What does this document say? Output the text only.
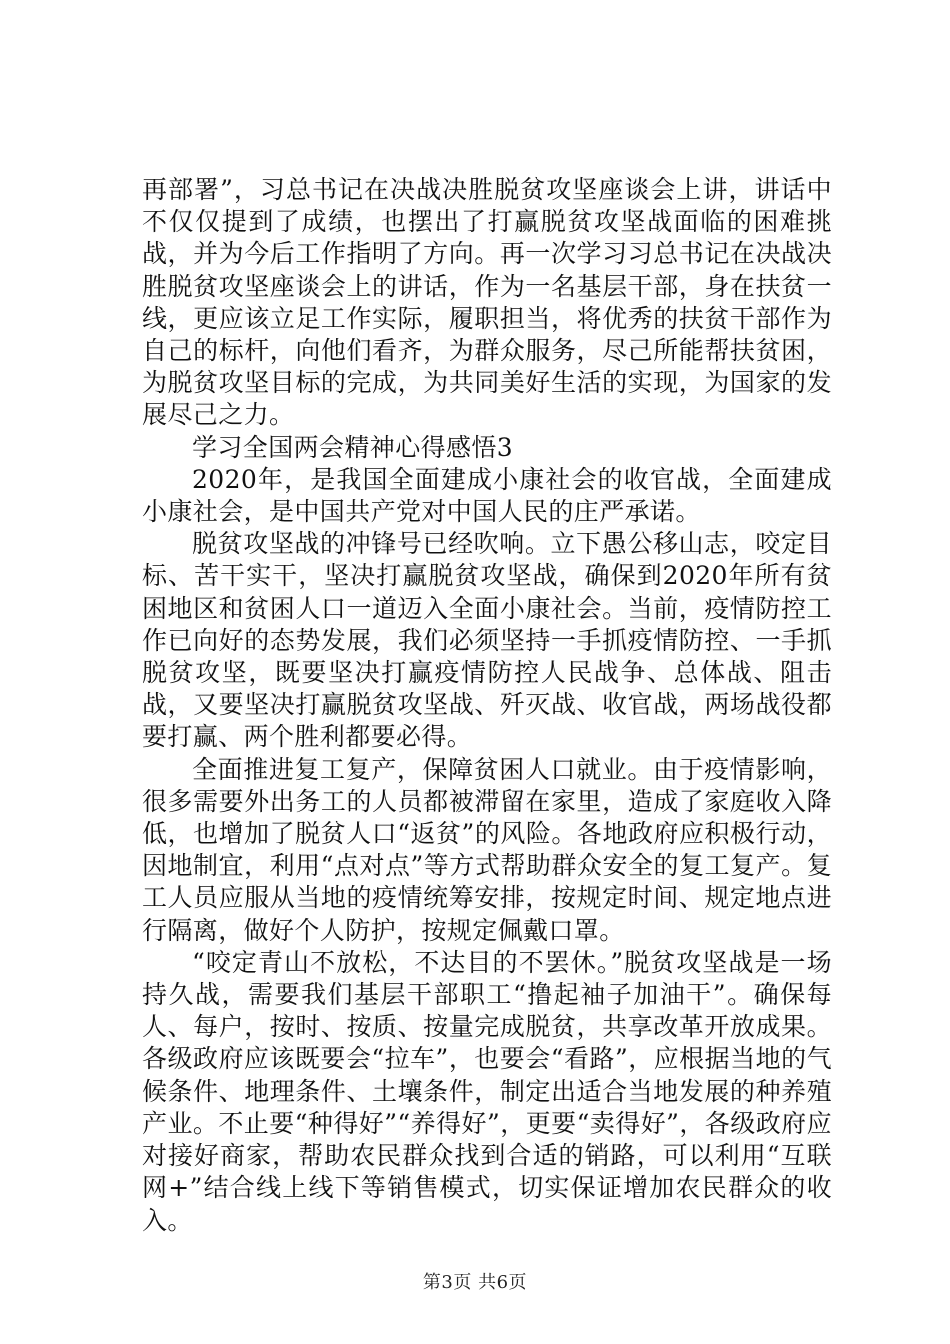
再部署”，习总书记在决战决胜脱贫攻坚座谈会上讲，讲话中不仅仅提到了成绩，也摆出了打赢脱贫攻坚战面临的困难挑战，并为今后工作指明了方向。再一次学习习总书记在决战决胜脱贫攻坚座谈会上的讲话，作为一名基层干部，身在扶贫一线，更应该立足工作实际，履职担当，将优秀的扶贫干部作为自己的标杆，向他们看齐，为群众服务，尽己所能帮扶贫困，为脱贫攻坚目标的完成，为共同美好生活的实现，为国家的发展尽己之力。

学习全国两会精神心得感悟3

2020年，是我国全面建成小康社会的收官战，全面建成小康社会，是中国共产党对中国人民的庄严承诺。

脱贫攻坚战的冲锋号已经吹响。立下愚公移山志，咬定目标、苦干实干，坚决打赢脱贫攻坚战，确保到2020年所有贫困地区和贫困人口一道迈入全面小康社会。当前，疫情防控工作已向好的态势发展，我们必须坚持一手抓疫情防控、一手抓脱贫攻坚，既要坚决打赢疫情防控人民战争、总体战、阻击战，又要坚决打赢脱贫攻坚战、歼灭战、收官战，两场战役都要打赢、两个胜利都要必得。

全面推进复工复产，保障贫困人口就业。由于疫情影响，很多需要外出务工的人员都被滞留在家里，造成了家庭收入降低，也增加了脱贫人口“返贫”的风险。各地政府应积极行动，因地制宜，利用“点对点”等方式帮助群众安全的复工复产。复工人员应服从当地的疫情统筹安排，按规定时间、规定地点进行隔离，做好个人防护，按规定佩戴口罩。

“咬定青山不放松，不达目的不罢休。”脱贫攻坚战是一场持久战，需要我们基层干部职工“撸起袖子加油干”。确保每人、每户，按时、按质、按量完成脱贫，共享改革开放成果。各级政府应该既要会“拉车”，也要会“看路”，应根据当地的气候条件、地理条件、土壤条件，制定出适合当地发展的种养殖产业。不止要“种得好”“养得好”，更要“卖得好”，各级政府应对接好商家，帮助农民群众找到合适的销路，可以利用“互联网+”结合线上线下等销售模式，切实保证增加农民群众的收入。

第3页 共6页
